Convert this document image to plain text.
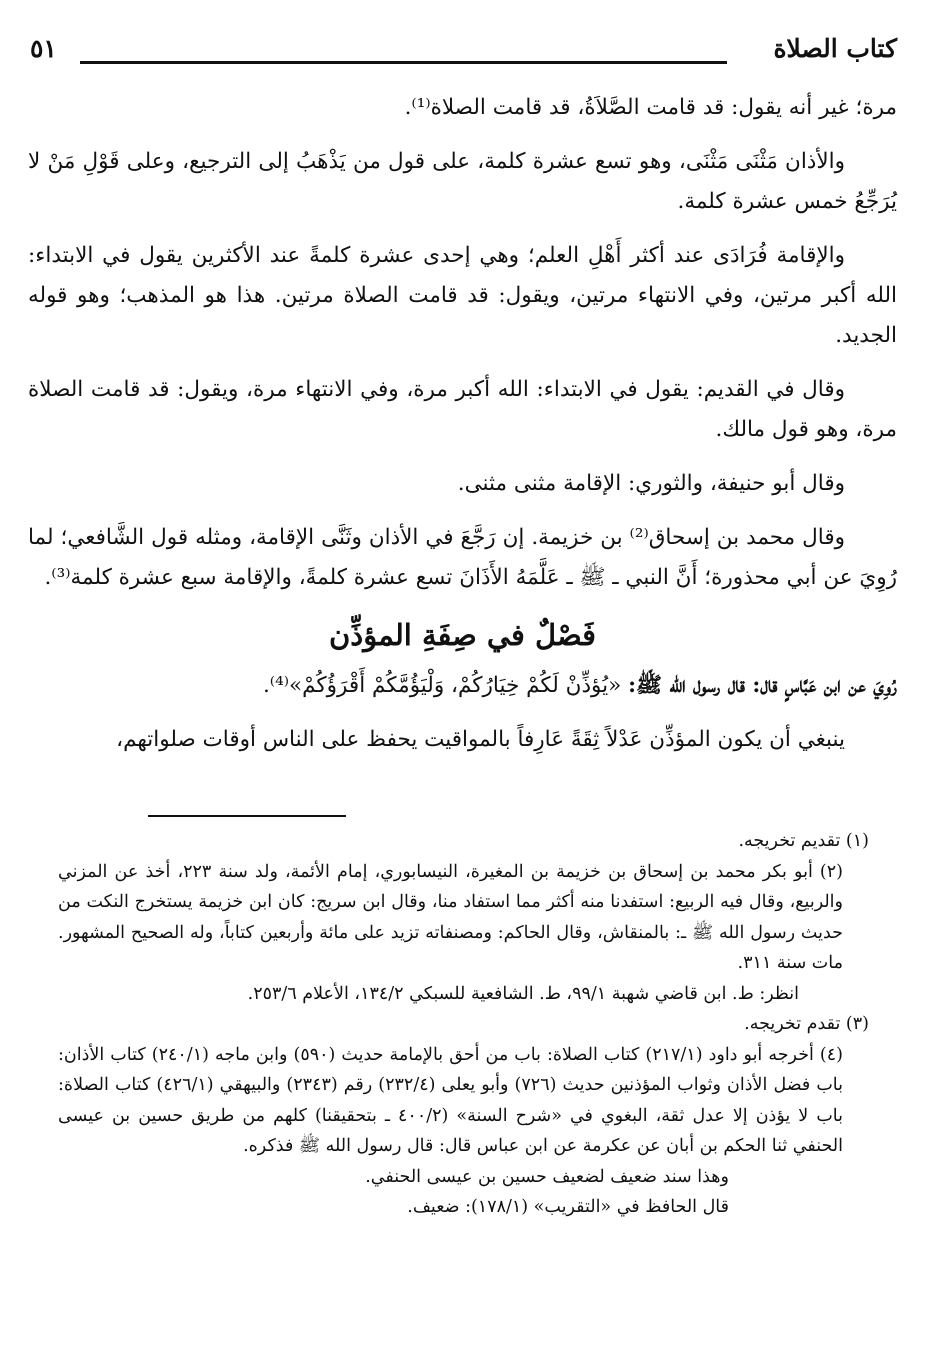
كتاب الصلاة
٥١

مرة؛ غير أنه يقول: قد قامت الصَّلاَةُ، قد قامت الصلاة⁽¹⁾.

والأذان مَثْنَى مَثْنَى، وهو تسع عشرة كلمة، على قول من يَذْهَبُ إلى الترجيع، وعلى قَوْلِ مَنْ لا يُرَجِّعُ خمس عشرة كلمة.

والإقامة فُرَادَى عند أكثر أَهْلِ العلم؛ وهي إحدى عشرة كلمةً عند الأكثرين يقول في الابتداء: الله أكبر مرتين، وفي الانتهاء مرتين، ويقول: قد قامت الصلاة مرتين. هذا هو المذهب؛ وهو قوله الجديد.

وقال في القديم: يقول في الابتداء: الله أكبر مرة، وفي الانتهاء مرة، ويقول: قد قامت الصلاة مرة، وهو قول مالك.

وقال أبو حنيفة، والثوري: الإقامة مثنى مثنى.

وقال محمد بن إسحاق⁽²⁾ بن خزيمة. إن رَجَّعَ في الأذان وثَنَّى الإقامة، ومثله قول الشَّافعي؛ لما رُوِيَ عن أبي محذورة؛ أَنَّ النبي ـ ﷺ ـ عَلَّمَهُ الأَذَانَ تسع عشرة كلمةً، والإقامة سبع عشرة كلمة⁽³⁾.

فَصْلٌ في صِفَةِ المؤذِّن

رُوِيَ عن ابن عَبَّاسٍ قال: قال رسول الله ﷺ: «يُؤذِّنْ لَكُمْ خِيَارُكُمْ، وَلْيَؤُمَّكُمْ أَقْرَؤُكُمْ»⁽⁴⁾.

ينبغي أن يكون المؤذِّن عَدْلاً ثِقَةً عَارِفاً بالمواقيت يحفظ على الناس أوقات صلواتهم،

(١) تقديم تخريجه.

(٢) أبو بكر محمد بن إسحاق بن خزيمة بن المغيرة، النيسابوري، إمام الأئمة، ولد سنة ٢٢٣، أخذ عن المزني والربيع، وقال فيه الربيع: استفدنا منه أكثر مما استفاد منا، وقال ابن سريج: كان ابن خزيمة يستخرج النكت من حديث رسول الله ﷺ ـ: بالمنقاش، وقال الحاكم: ومصنفاته تزيد على مائة وأربعين كتاباً، وله الصحيح المشهور. مات سنة ٣١١.

انظر: ط. ابن قاضي شهبة ٩٩/١، ط. الشافعية للسبكي ١٣٤/٢، الأعلام ٢٥٣/٦.

(٣) تقدم تخريجه.

(٤) أخرجه أبو داود (٢١٧/١) كتاب الصلاة: باب من أحق بالإمامة حديث (٥٩٠) وابن ماجه (٢٤٠/١) كتاب الأذان: باب فضل الأذان وثواب المؤذنين حديث (٧٢٦) وأبو يعلى (٢٣٢/٤) رقم (٢٣٤٣) والبيهقي (٤٢٦/١) كتاب الصلاة: باب لا يؤذن إلا عدل ثقة، البغوي في «شرح السنة» (٤٠٠/٢ ـ بتحقيقنا) كلهم من طريق حسين بن عيسى الحنفي ثنا الحكم بن أبان عن عكرمة عن ابن عباس قال: قال رسول الله ﷺ فذكره.

وهذا سند ضعيف لضعيف حسين بن عيسى الحنفي.

قال الحافظ في «التقريب» (١٧٨/١): ضعيف.
